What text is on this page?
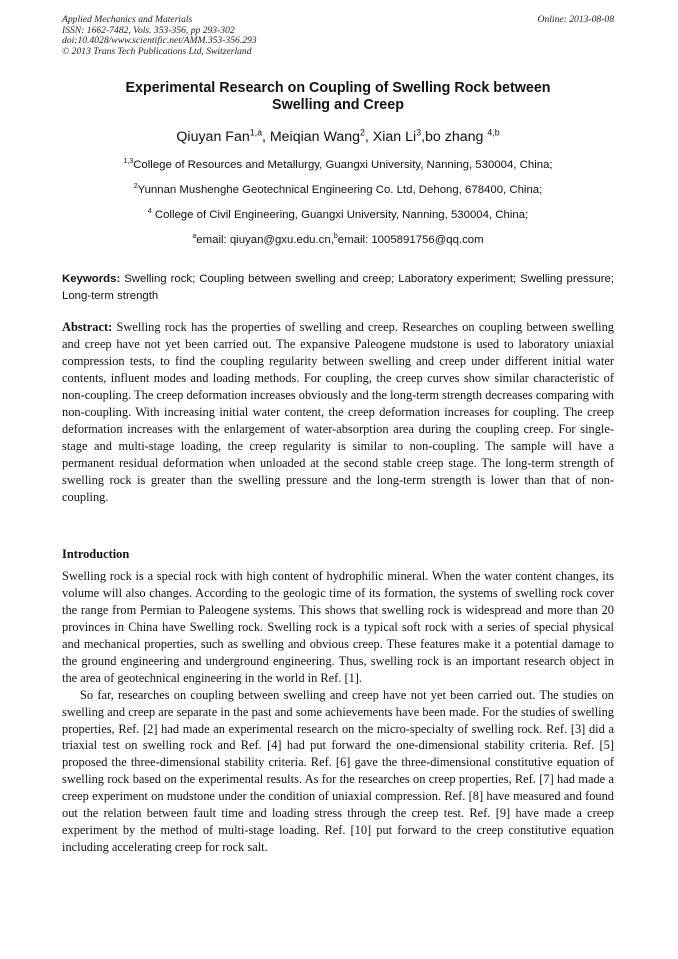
Applied Mechanics and Materials
ISSN: 1662-7482, Vols. 353-356, pp 293-302
doi:10.4028/www.scientific.net/AMM.353-356.293
© 2013 Trans Tech Publications Ltd, Switzerland
Online: 2013-08-08
Experimental Research on Coupling of Swelling Rock between
Swelling and Creep
Qiuyan Fan$^{1,a}$, Meiqian Wang$^2$, Xian Li$^3$,bo zhang $^{4,b}$
$^{1,3}$College of Resources and Metallurgy, Guangxi University, Nanning, 530004, China;
$^2$Yunnan Mushenghe Geotechnical Engineering Co. Ltd, Dehong, 678400, China;
$^4$ College of Civil Engineering, Guangxi University, Nanning, 530004, China;
$^a$email: qiuyan@gxu.edu.cn,$^b$email: 1005891756@qq.com
Keywords: Swelling rock; Coupling between swelling and creep; Laboratory experiment; Swelling pressure; Long-term strength

Abstract: Swelling rock has the properties of swelling and creep. Researches on coupling between swelling and creep have not yet been carried out. The expansive Paleogene mudstone is used to laboratory uniaxial compression tests, to find the coupling regularity between swelling and creep under different initial water contents, influent modes and loading methods. For coupling, the creep curves show similar characteristic of non-coupling. The creep deformation increases obviously and the long-term strength decreases comparing with non-coupling. With increasing initial water content, the creep deformation increases for coupling. The creep deformation increases with the enlargement of water-absorption area during the coupling creep. For single-stage and multi-stage loading, the creep regularity is similar to non-coupling. The sample will have a permanent residual deformation when unloaded at the second stable creep stage. The long-term strength of swelling rock is greater than the swelling pressure and the long-term strength is lower than that of non-coupling.

Introduction

Swelling rock is a special rock with high content of hydrophilic mineral. When the water content changes, its volume will also changes. According to the geologic time of its formation, the systems of swelling rock cover the range from Permian to Paleogene systems. This shows that swelling rock is widespread and more than 20 provinces in China have Swelling rock. Swelling rock is a typical soft rock with a series of special physical and mechanical properties, such as swelling and obvious creep. These features make it a potential damage to the ground engineering and underground engineering. Thus, swelling rock is an important research object in the area of geotechnical engineering in the world in Ref. [1].

So far, researches on coupling between swelling and creep have not yet been carried out. The studies on swelling and creep are separate in the past and some achievements have been made. For the studies of swelling properties, Ref. [2] had made an experimental research on the micro-specialty of swelling rock. Ref. [3] did a triaxial test on swelling rock and Ref. [4] had put forward the one-dimensional stability criteria. Ref. [5] proposed the three-dimensional stability criteria. Ref. [6] gave the three-dimensional constitutive equation of swelling rock based on the experimental results. As for the researches on creep properties, Ref. [7] had made a creep experiment on mudstone under the condition of uniaxial compression. Ref. [8] have measured and found out the relation between fault time and loading stress through the creep test. Ref. [9] have made a creep experiment by the method of multi-stage loading. Ref. [10] put forward to the creep constitutive equation including accelerating creep for rock salt.
